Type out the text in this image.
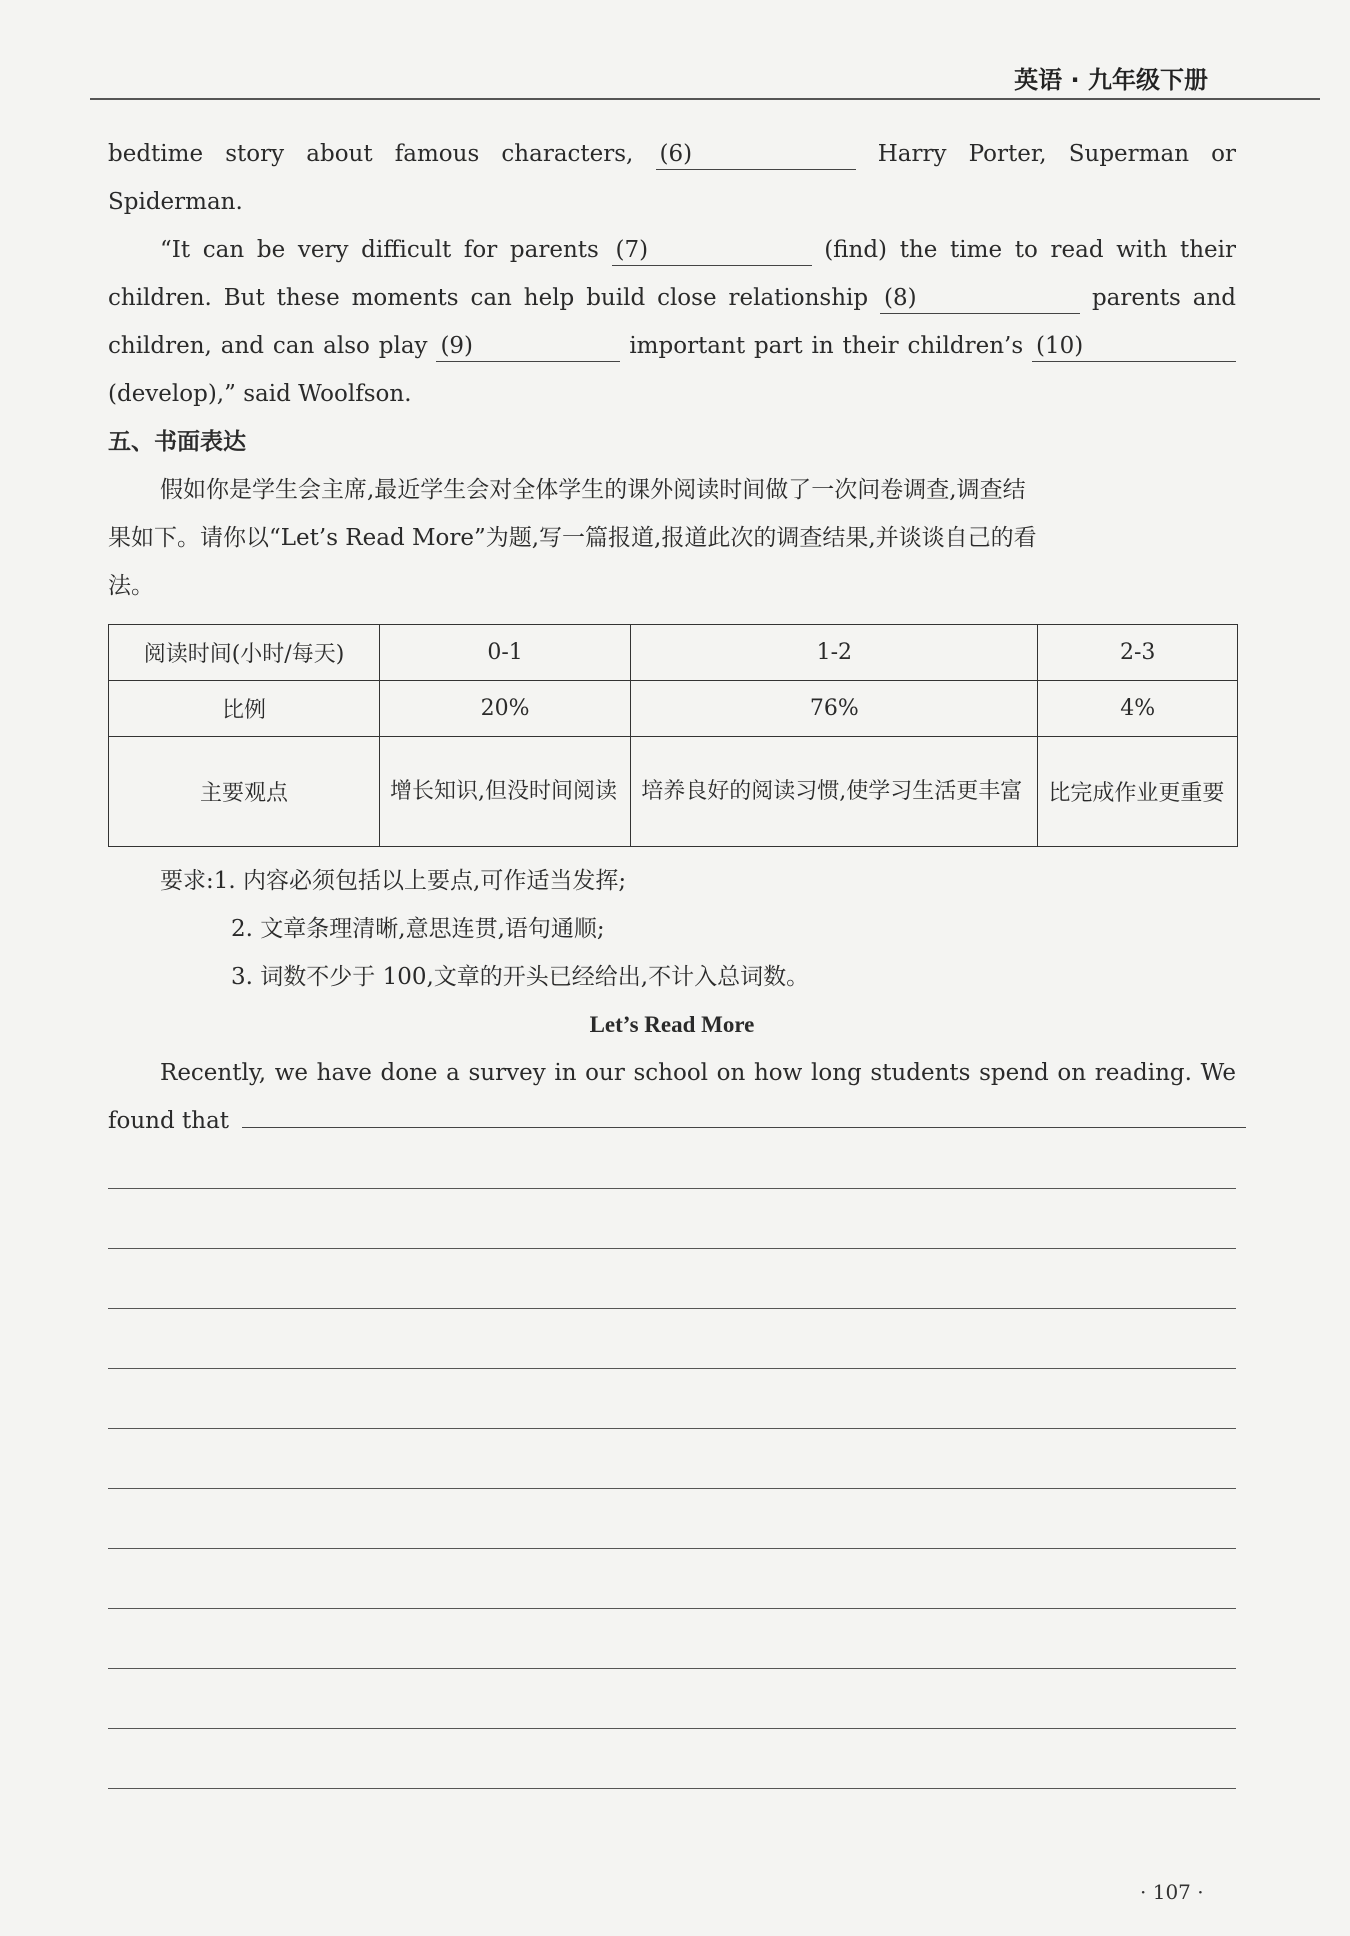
英语 · 九年级下册
bedtime story about famous characters, (6)	Harry Porter, Superman or
Spiderman.
“It can be very difficult for parents (7)	(find) the time to read with their
children. But these moments can help build close relationship (8)	parents and
children, and can also play (9)	important part in their children’s (10)
(develop),” said Woolfson.
五、书面表达
假如你是学生会主席,最近学生会对全体学生的课外阅读时间做了一次问卷调查,调查结
果如下。请你以“Let’s Read More”为题,写一篇报道,报道此次的调查结果,并谈谈自己的看
法。
阅读时间(小时/每天)	0-1	1-2	2-3
比例	20%	76%	4%
主要观点	增长知识,但没时间阅读	培养良好的阅读习惯,使学习生活更丰富	比完成作业更重要
要求:1. 内容必须包括以上要点,可作适当发挥;
2. 文章条理清晰,意思连贯,语句通顺;
3. 词数不少于 100,文章的开头已经给出,不计入总词数。
Let’s Read More
Recently, we have done a survey in our school on how long students spend on reading. We
found that
· 107 ·
